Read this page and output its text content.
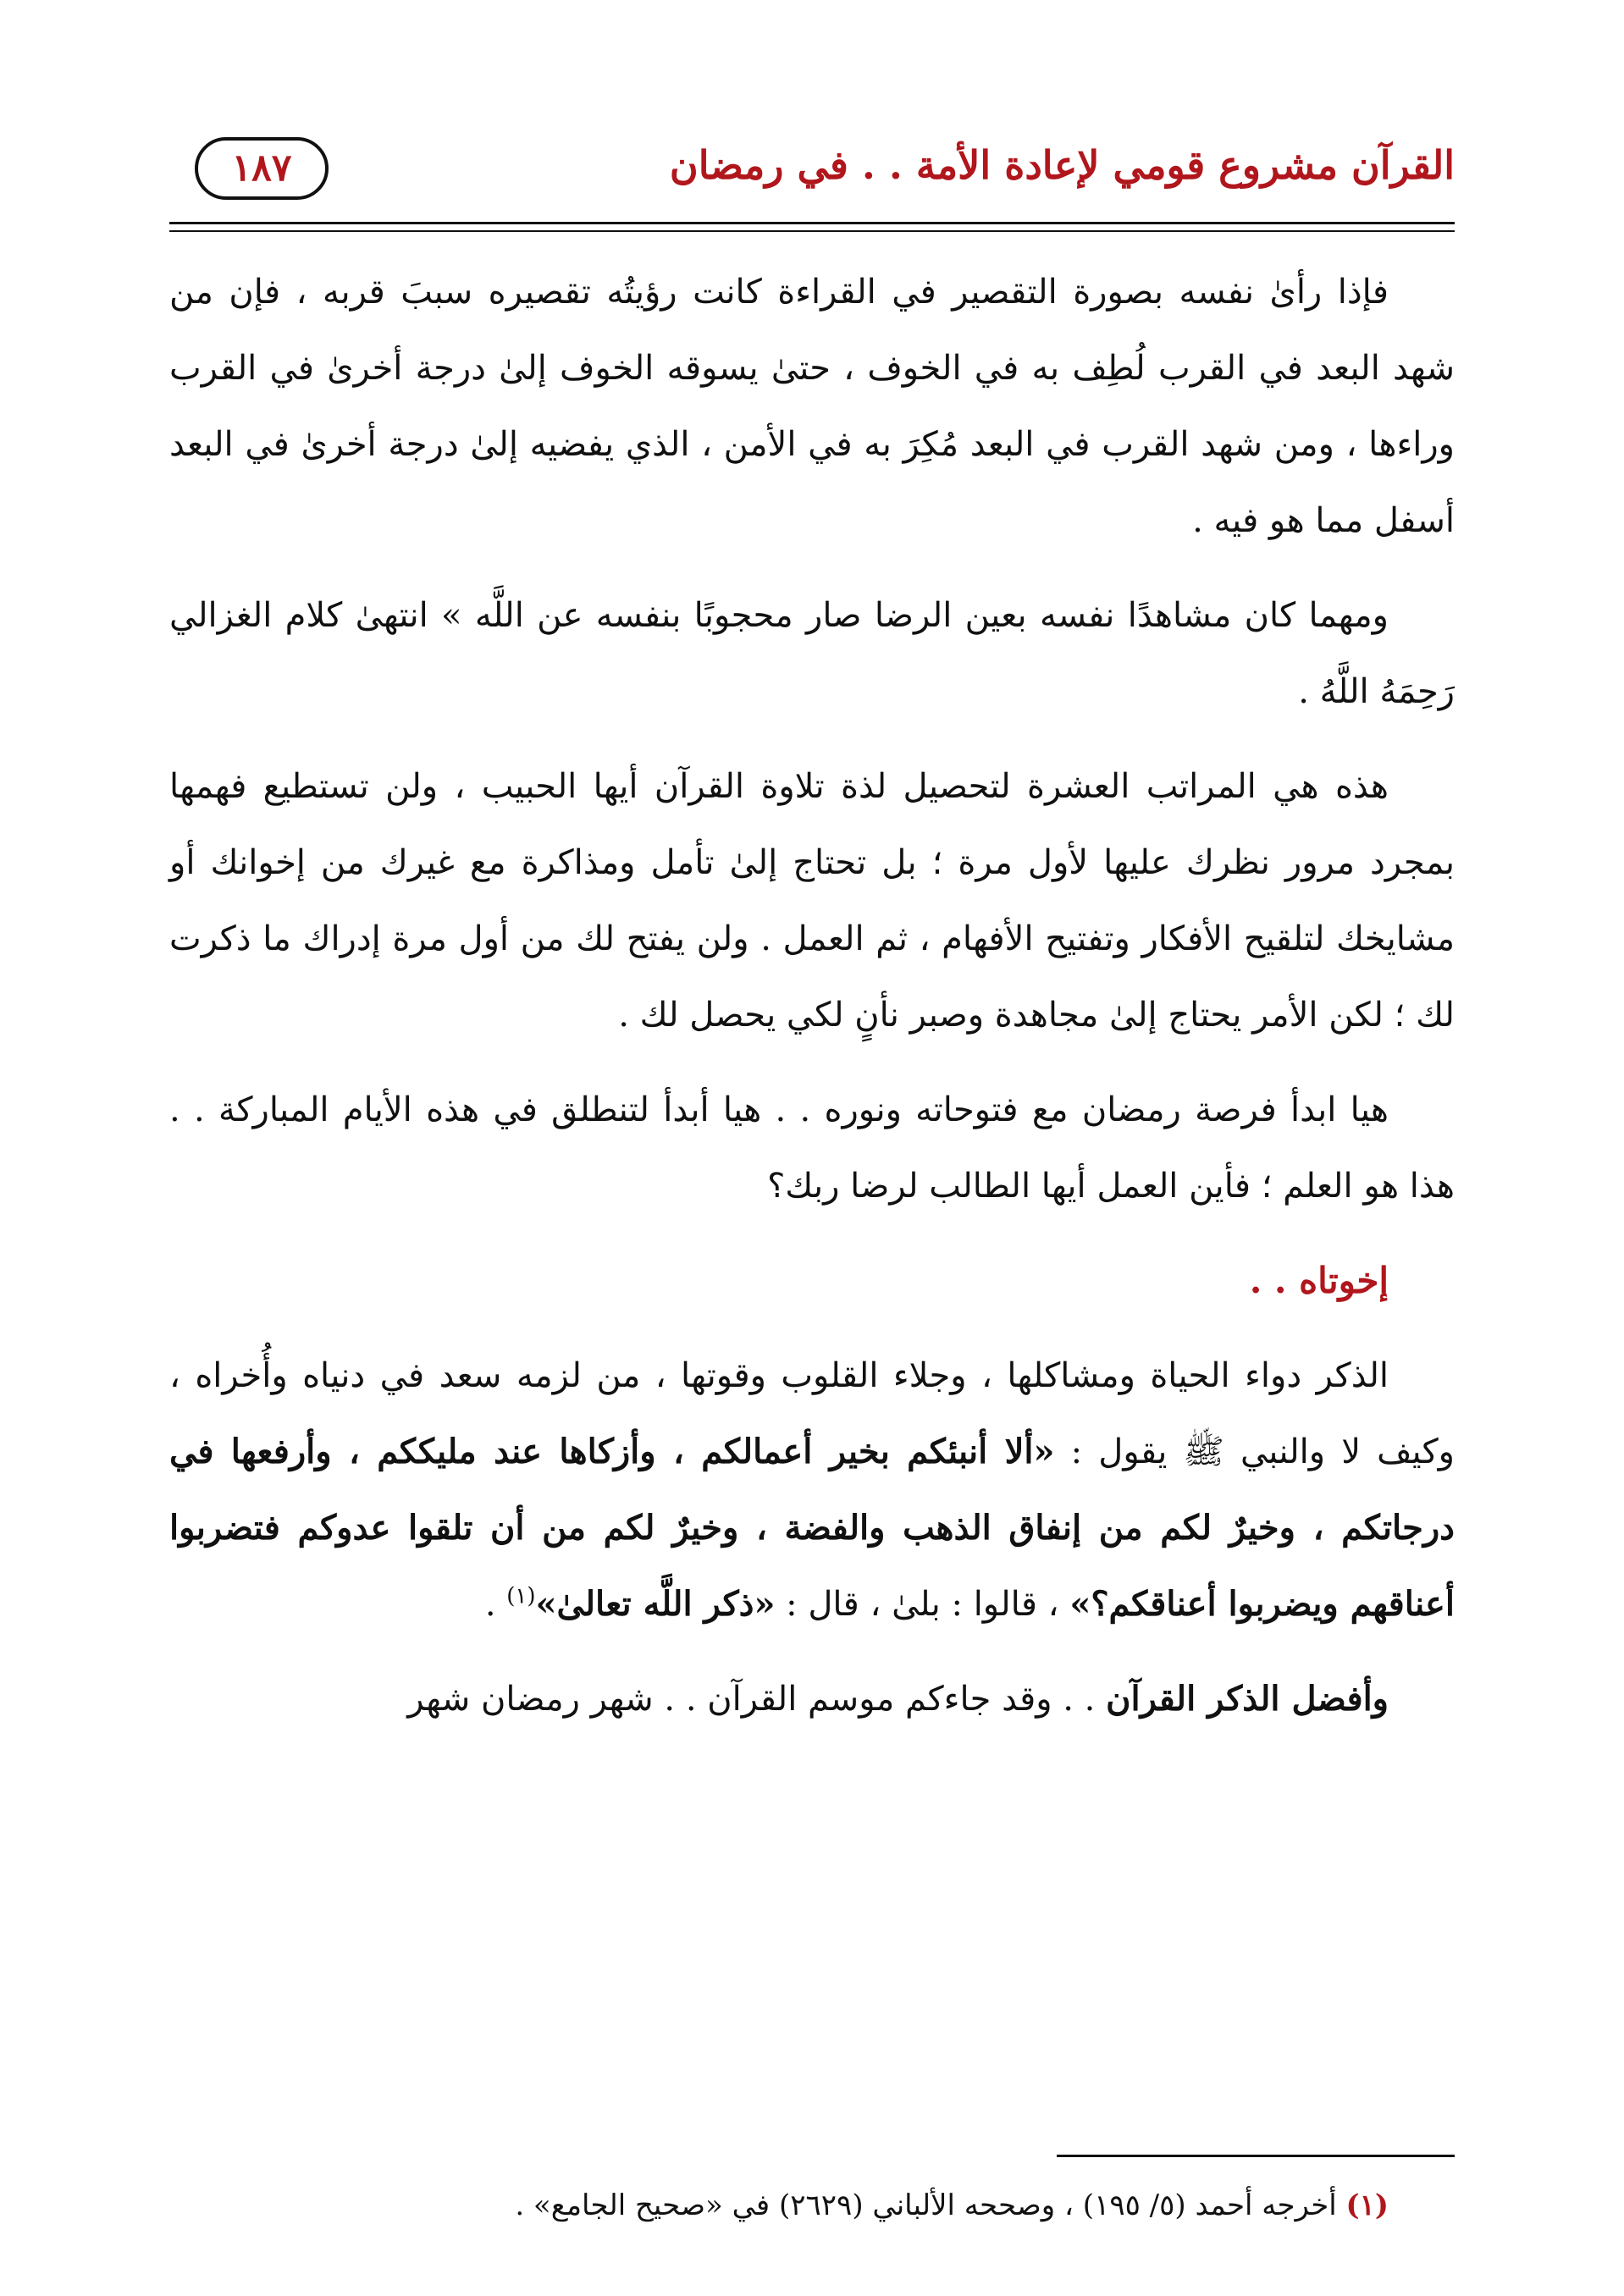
القرآن مشروع قومي لإعادة الأمة . . في رمضان
١٨٧

فإذا رأىٰ نفسه بصورة التقصير في القراءة كانت رؤيتُه تقصيره سببَ قربه ، فإن من شهد البعد في القرب لُطِف به في الخوف ، حتىٰ يسوقه الخوف إلىٰ درجة أخرىٰ في القرب وراءها ، ومن شهد القرب في البعد مُكِرَ به في الأمن ، الذي يفضيه إلىٰ درجة أخرىٰ في البعد أسفل مما هو فيه .

ومهما كان مشاهدًا نفسه بعين الرضا صار محجوبًا بنفسه عن اللَّه » انتهىٰ كلام الغزالي رَحِمَهُ اللَّهُ .

هذه هي المراتب العشرة لتحصيل لذة تلاوة القرآن أيها الحبيب ، ولن تستطيع فهمها بمجرد مرور نظرك عليها لأول مرة ؛ بل تحتاج إلىٰ تأمل ومذاكرة مع غيرك من إخوانك أو مشايخك لتلقيح الأفكار وتفتيح الأفهام ، ثم العمل . ولن يفتح لك من أول مرة إدراك ما ذكرت لك ؛ لكن الأمر يحتاج إلىٰ مجاهدة وصبر نأنٍ لكي يحصل لك .

هيا ابدأ فرصة رمضان مع فتوحاته ونوره . . هيا أبدأ لتنطلق في هذه الأيام المباركة . . هذا هو العلم ؛ فأين العمل أيها الطالب لرضا ربك؟

إخوتاه . .

الذكر دواء الحياة ومشاكلها ، وجلاء القلوب وقوتها ، من لزمه سعد في دنياه وأُخراه ، وكيف لا والنبي ﷺ يقول : «ألا أنبئكم بخير أعمالكم ، وأزكاها عند مليككم ، وأرفعها في درجاتكم ، وخيرٌ لكم من إنفاق الذهب والفضة ، وخيرٌ لكم من أن تلقوا عدوكم فتضربوا أعناقهم ويضربوا أعناقكم؟» ، قالوا : بلىٰ ، قال : «ذكر اللَّه تعالىٰ»$^{(١)}$ .

وأفضل الذكر القرآن . . وقد جاءكم موسم القرآن . . شهر رمضان شهر

(١) أخرجه أحمد (٥/ ١٩٥) ، وصححه الألباني (٢٦٢٩) في «صحيح الجامع» .
